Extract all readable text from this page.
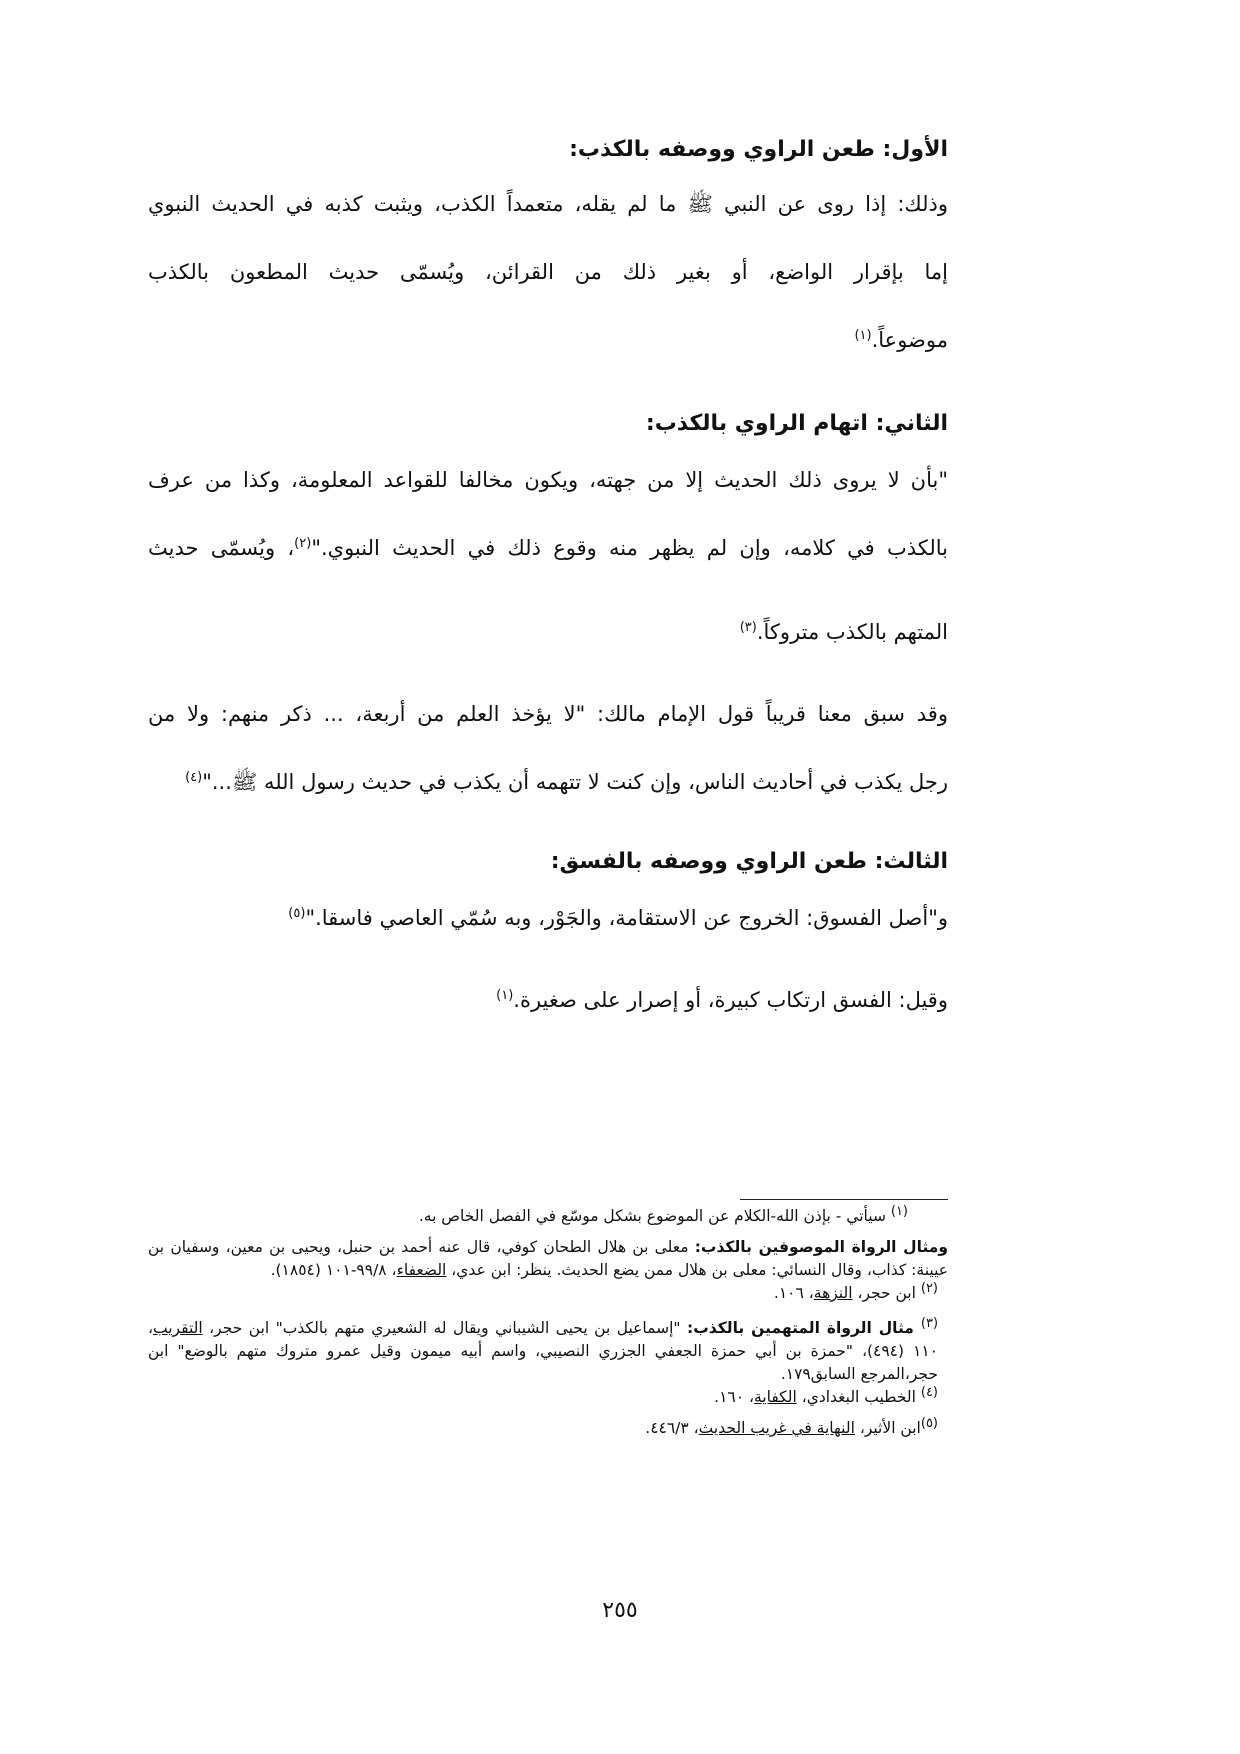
الأول: طعن الراوي ووصفه بالكذب:

وذلك: إذا روى عن النبي ﷺ ما لم يقله، متعمداً الكذب، ويثبت كذبه في الحديث النبوي
إما بإقرار الواضع، أو بغير ذلك من القرائن، ويُسمّى حديث المطعون بالكذب
موضوعاً.$^{(١)}$

الثاني: اتهام الراوي بالكذب:

"بأن لا يروى ذلك الحديث إلا من جهته، ويكون مخالفا للقواعد المعلومة، وكذا من عرف
بالكذب في كلامه، وإن لم يظهر منه وقوع ذلك في الحديث النبوي."$^{(٢)}$، ويُسمّى حديث
المتهم بالكذب متروكاً.$^{(٣)}$
وقد سبق معنا قريباً قول الإمام مالك: "لا يؤخذ العلم من أربعة، ... ذكر منهم: ولا من
رجل يكذب في أحاديث الناس، وإن كنت لا تتهمه أن يكذب في حديث رسول الله ﷺ..."$^{(٤)}$

الثالث: طعن الراوي ووصفه بالفسق:

و"أصل الفسوق: الخروج عن الاستقامة، والجَوْر، وبه سُمّي العاصي فاسقا."$^{(٥)}$
وقيل: الفسق ارتكاب كبيرة، أو إصرار على صغيرة.$^{(١)}$

$^{(١)}$ سيأتي - بإذن الله-الكلام عن الموضوع بشكل موسّع في الفصل الخاص به.

ومثال الرواة الموصوفين بالكذب: معلى بن هلال الطحان كوفي، قال عنه أحمد بن حنبل، ويحيى بن معين، وسفيان بن عيينة: كذاب، وقال النسائي: معلى بن هلال ممن يضع الحديث. ينظر: ابن عدي، الضعفاء، ٩٩/٨-١٠١ (١٨٥٤).

$^{(٢)}$ ابن حجر، النزهة، ١٠٦.

$^{(٣)}$ مثال الرواة المتهمين بالكذب: "إسماعيل بن يحيى الشيباني ويقال له الشعيري متهم بالكذب" ابن حجر، التقريب، ١١٠ (٤٩٤)، "حمزة بن أبي حمزة الجعفي الجزري النصيبي، واسم أبيه ميمون وقيل عمرو متروك متهم بالوضع" ابن حجر،المرجع السابق١٧٩.

$^{(٤)}$ الخطيب البغدادي، الكفاية، ١٦٠.

$^{(٥)}$ابن الأثير، النهاية في غريب الحديث، ٤٤٦/٣.

٢٥٥
